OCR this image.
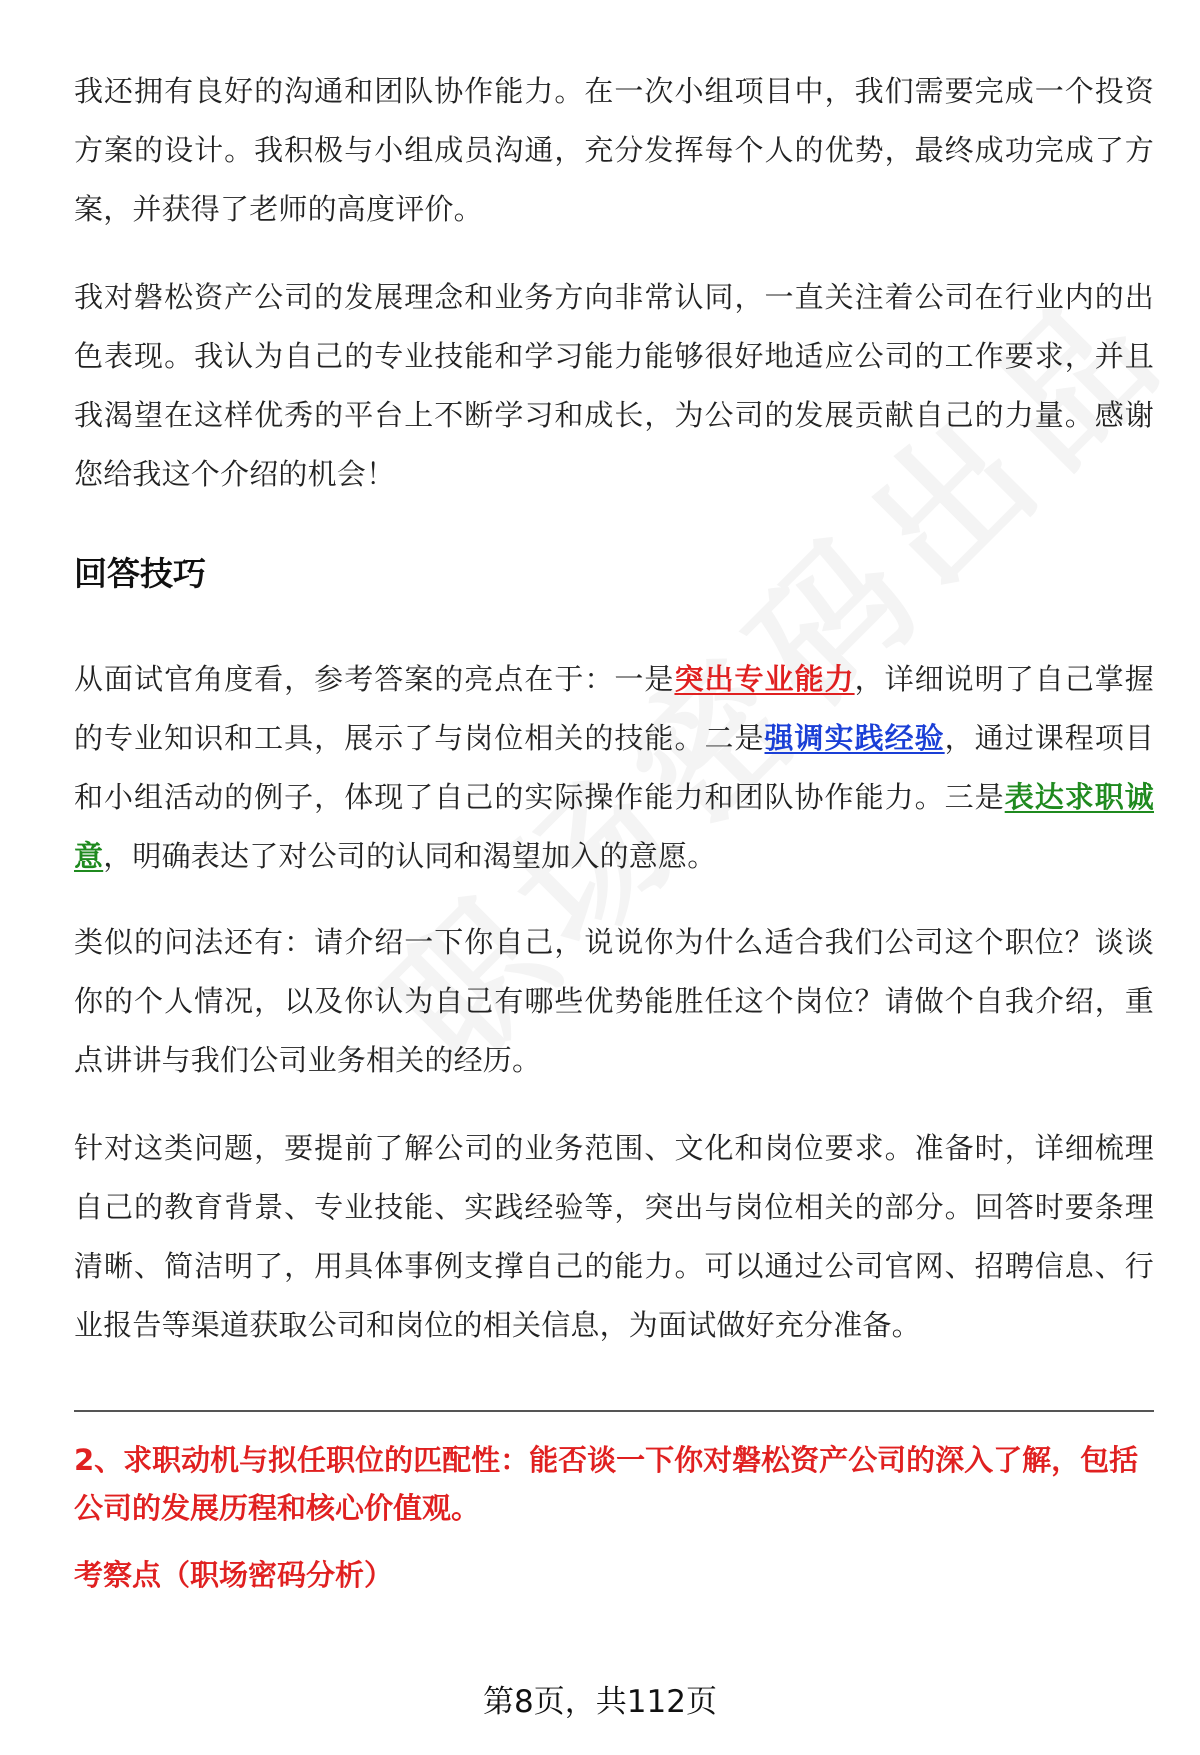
我还拥有良好的沟通和团队协作能力。在一次小组项目中，我们需要完成一个投资方案的设计。我积极与小组成员沟通，充分发挥每个人的优势，最终成功完成了方案，并获得了老师的高度评价。

我对磐松资产公司的发展理念和业务方向非常认同，一直关注着公司在行业内的出色表现。我认为自己的专业技能和学习能力能够很好地适应公司的工作要求，并且我渴望在这样优秀的平台上不断学习和成长，为公司的发展贡献自己的力量。感谢您给我这个介绍的机会！

回答技巧

从面试官角度看，参考答案的亮点在于：一是突出专业能力，详细说明了自己掌握的专业知识和工具，展示了与岗位相关的技能。二是强调实践经验，通过课程项目和小组活动的例子，体现了自己的实际操作能力和团队协作能力。三是表达求职诚意，明确表达了对公司的认同和渴望加入的意愿。

类似的问法还有：请介绍一下你自己，说说你为什么适合我们公司这个职位？谈谈你的个人情况，以及你认为自己有哪些优势能胜任这个岗位？请做个自我介绍，重点讲讲与我们公司业务相关的经历。

针对这类问题，要提前了解公司的业务范围、文化和岗位要求。准备时，详细梳理自己的教育背景、专业技能、实践经验等，突出与岗位相关的部分。回答时要条理清晰、简洁明了，用具体事例支撑自己的能力。可以通过公司官网、招聘信息、行业报告等渠道获取公司和岗位的相关信息，为面试做好充分准备。

2、求职动机与拟任职位的匹配性：能否谈一下你对磐松资产公司的深入了解，包括公司的发展历程和核心价值观。

考察点（职场密码分析）

第8页，共112页
